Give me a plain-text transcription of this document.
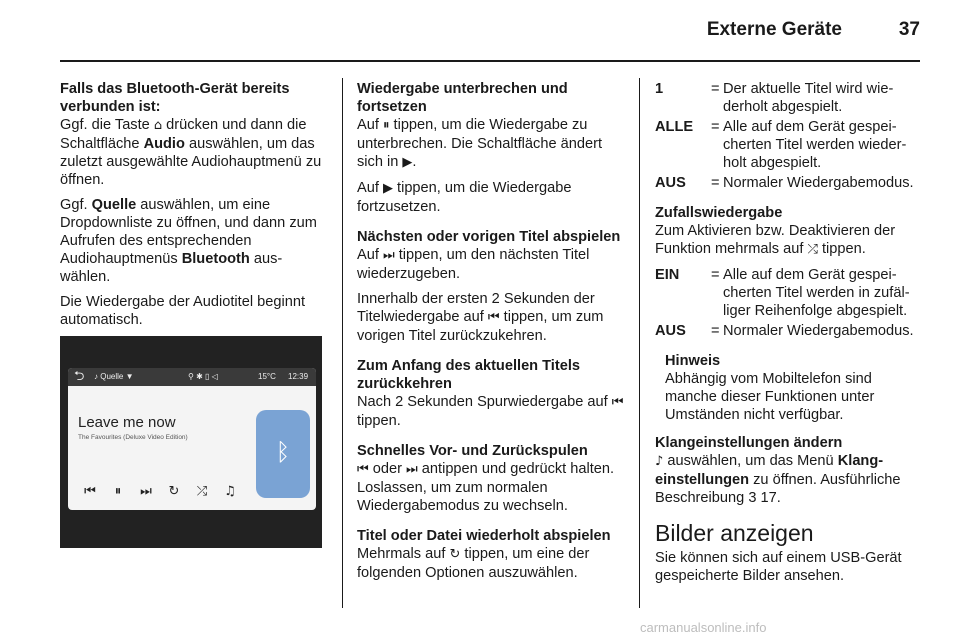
Externe Geräte	37
Falls das Bluetooth-Gerät bereits verbunden ist:

Ggf. die Taste ⌂ drücken und dann die Schaltfläche Audio auswählen, um das zuletzt ausgewählte Audiohauptmenü zu öffnen.

Ggf. Quelle auswählen, um eine Dropdownliste zu öffnen, und dann zum Aufrufen des entsprechenden Audiohauptmenüs Bluetooth auswählen.

Die Wiedergabe der Audiotitel beginnt automatisch.

⮌ ♪ Quelle ▼	⚲ ✱ ▯ ◁	15°C 12:39
Leave me now
The Favourites (Deluxe Video Edition)
⏮ ⏸ ⏭ ↻ ⤮ ♫
ᛒ
Wiedergabe unterbrechen und fortsetzen

Auf ⏸ tippen, um die Wiedergabe zu unterbrechen. Die Schaltfläche ändert sich in ▶.

Auf ▶ tippen, um die Wiedergabe fortzusetzen.

Nächsten oder vorigen Titel abspielen

Auf ⏭ tippen, um den nächsten Titel wiederzugeben.

Innerhalb der ersten 2 Sekunden der Titelwiedergabe auf ⏮ tippen, um zum vorigen Titel zurückzukehren.

Zum Anfang des aktuellen Titels zurückkehren

Nach 2 Sekunden Spurwiedergabe auf ⏮ tippen.

Schnelles Vor- und Zurückspulen

⏮ oder ⏭ antippen und gedrückt halten. Loslassen, um zum normalen Wiedergabemodus zu wechseln.

Titel oder Datei wiederholt abspielen

Mehrmals auf ↻ tippen, um eine der folgenden Optionen auszuwählen.

1	= Der aktuelle Titel wird wiederholt abgespielt.
ALLE	= Alle auf dem Gerät gespeicherten Titel werden wiederholt abgespielt.
AUS	= Normaler Wiedergabemodus.
Zufallswiedergabe

Zum Aktivieren bzw. Deaktivieren der Funktion mehrmals auf ⤮ tippen.

EIN	= Alle auf dem Gerät gespeicherten Titel werden in zufälliger Reihenfolge abgespielt.
AUS	= Normaler Wiedergabemodus.
Hinweis
Abhängig vom Mobiltelefon sind manche dieser Funktionen unter Umständen nicht verfügbar.
Klangeinstellungen ändern

♪ auswählen, um das Menü Klangeinstellungen zu öffnen. Ausführliche Beschreibung 3 17.

Bilder anzeigen

Sie können sich auf einem USB-Gerät gespeicherte Bilder ansehen.

carmanualsonline.info
